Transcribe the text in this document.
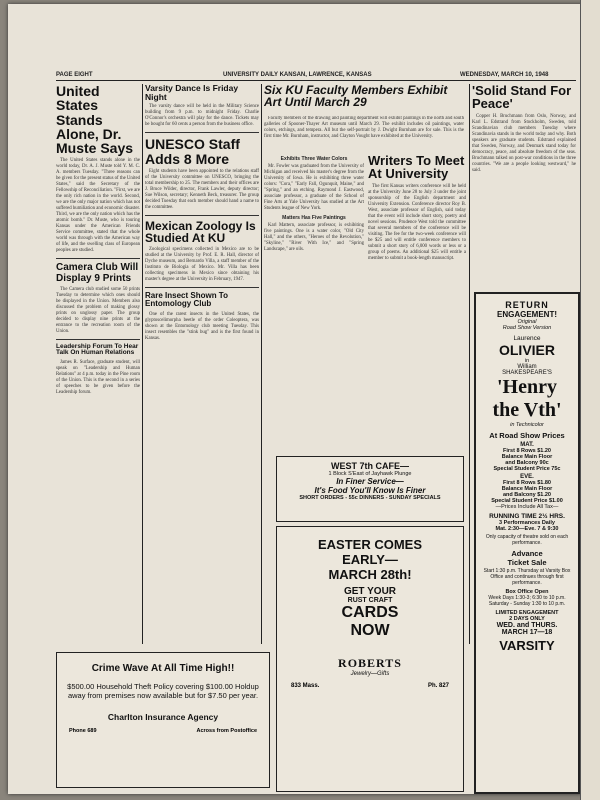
PAGE EIGHT	UNIVERSITY DAILY KANSAN, LAWRENCE, KANSAS	WEDNESDAY, MARCH 10, 1948
United States Stands Alone, Dr. Muste Says
The United States stands alone in the world today, Dr. A. J. Muste told Y. M. C. A. members Tuesday. "Three reasons can be given for the present status of the United States," said the Secretary of the Fellowship of Reconciliation. "First, we are the only rich nation in the world. Second, we are the only major nation which has not suffered humiliation and economic disaster. Third, we are the only nation which has the atomic bomb." Dr. Muste, who is touring Kansas under the American Friends Service committee, stated that the whole world was through with the American way of life, and the swelling class of European peoples are studied.
Camera Club Will Display 9 Prints
The Camera club studied some 50 prints Tuesday to determine which ones should be displayed in the Union. Members also discussed the problem of making glossy prints on unglossy paper. The group decided to display nine prints at the entrance to the recreation room of the Union.
Leadership Forum To Hear Talk On Human Relations
James R. Surface, graduate student, will speak on "Leadership and Human Relations" at 4 p.m. today in the Pine room of the Union. This is the second in a series of speeches to be given before the Leadership forum.
Varsity Dance Is Friday Night
The varsity dance will be held in the Military Science building from 9 p.m. to midnight Friday. Charlie O'Connor's orchestra will play for the dance. Tickets may be bought for 60 cents a person from the business office.
UNESCO Staff Adds 8 More
Eight students have been appointed to the relations staff of the University committee on UNESCO, bringing the total membership to 25. The members and their offices are J. Bruce Wilder, director, Frank Lawler, deputy director; Sue Wilson, secretary; Kenneth Beck, treasurer. The group decided Tuesday that each member should hand a name to the committee.
Mexican Zoology Is Studied At KU
Zoological specimens collected in Mexico are to be studied at the University by Prof. E. R. Hall, director of Dyche museum, and Bernardo Villa, a staff member of the Instituto de Biologia of Mexico. Mr. Villa has been collecting specimens in Mexico since obtaining his master's degree at the University in February, 1947.
Rare Insect Shown To Entomology Club
One of the rarest insects in the United States, the glyptoscelimorpha beetle of the order Coleoptera, was shown at the Entomology club meeting Tuesday. This insect resembles the "stink bug" and is the first found in Kansas.
Six KU Faculty Members Exhibit Art Until March 29
Faculty members of the drawing and painting department will exhibit paintings in the north and south galleries of Spooner-Thayer Art museum until March 29. The exhibit includes oil paintings, water colors, etchings, and tempera. All but the self-portrait by J. Dwight Burnham are for sale. This is the first time Mr. Burnham, instructor, and Clayton Vought have exhibited at the University.
Exhibits Three Water Colors
Mr. Fowler was graduated from the University of Michigan and received his master's degree from the University of Iowa. He is exhibiting three water colors: "Cora," "Early Fall, Ogunquit, Maine," and "Spring," and an etching. Raymond J. Eastwood, associate professor, a graduate of the School of Fine Arts at Yale University has studied at the Art Students league of New York.
Matters Has Five Paintings
Karl Mattern, associate professor, is exhibiting five paintings. One is a water color, "Old City Hall," and the others, "Heroes of the Revolution," "Skyline," "River With Ice," and "Spring Landscape," are oils.
Writers To Meet At University
The first Kansas writers conference will be held at the University June 28 to July 3 under the joint sponsorship of the English department and University Extension. Conference director Roy B. West, associate professor of English, said today that the event will include short story, poetry and novel sessions. Prudence West told the committee that several members of the conference will be visiting. The fee for the two-week conference will be $25 and will entitle conference members to submit a short story of 6,000 words or less or a group of poems. An additional $25 will entitle a member to submit a book-length manuscript.
'Solid Stand For Peace'
Copper H. Bruchmann from Oslo, Norway, and Karl L. Edstrand from Stockholm, Sweden, told Scandinavian club members Tuesday where Scandinavia stands in the world today and why. Both speakers are graduate students. Edstrand explained that Sweden, Norway, and Denmark stand today for democracy, peace, and absolute freedom of the seas. Bruchmann talked on post-war conditions in the three countries. "We are a people looking westward," he said.

WEST 7th CAFE—

1 Block S'East of Jayhawk Plunge

In Finer Service—

It's Food You'll Know Is Finer

SHORT ORDERS - 55c DINNERS - SUNDAY SPECIALS

EASTER COMES

EARLY—

MARCH 28th!

GET YOUR

RUST CRAFT

CARDS

NOW

ROBERTS

Jewelry—Gifts

833 Mass.	Ph. 827

Crime Wave At All Time High!!

$500.00 Household Theft Policy covering $100.00 Holdup away from premises now available but for $7.50 per year.

Charlton Insurance Agency

Phone 689	Across from Postoffice

RETURN

ENGAGEMENT!

Original

Road Show Version

Laurence

OLIVIER

in

William

SHAKESPEARE'S

'Henry

the Vth'

in Technicolor

At Road Show Prices

MAT.

First 8 Rows $1.20

Balance Main Floor

and Balcony 90c

Special Student Price 75c

EVE.

First 8 Rows $1.80

Balance Main Floor

and Balcony $1.20

Special Student Price $1.00

—Prices Include All Tax—

RUNNING TIME 2½ HRS.

3 Performances Daily

Mat. 2:30—Eve. 7 & 9:30

Only capacity of theatre sold on each performance.

Advance

Ticket Sale

Start 1:30 p.m. Thursday at Varsity Box Office and continues through first performance.

Box Office Open

Week Days 1:30-3; 6:30 to 10 p.m.

Saturday - Sunday 1:30 to 10 p.m.

LIMITED ENGAGEMENT

2 DAYS ONLY

WED. and THURS.

MARCH 17—18

VARSITY
